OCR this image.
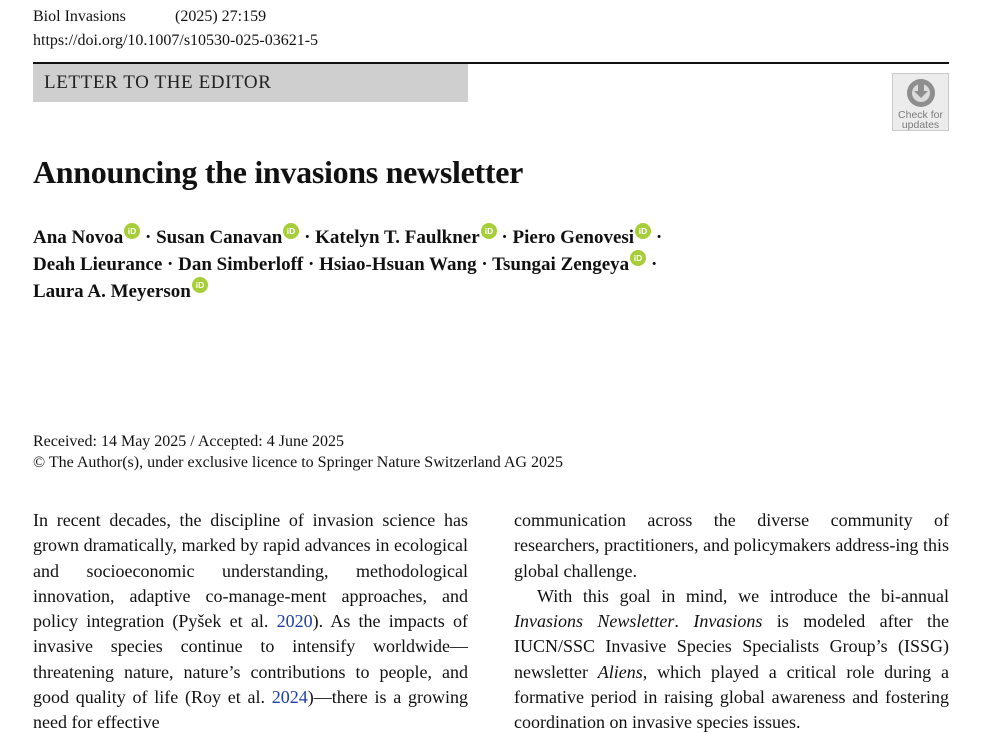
Biol Invasions	(2025) 27:159
https://doi.org/10.1007/s10530-025-03621-5
LETTER TO THE EDITOR
Check for
updates
Announcing the invasions newsletter
Ana Novoa iD · Susan Canavan iD · Katelyn T. Faulkner iD · Piero Genovesi iD ·
Deah Lieurance · Dan Simberloff · Hsiao-Hsuan Wang · Tsungai Zengeya iD ·
Laura A. Meyerson iD
Received: 14 May 2025 / Accepted: 4 June 2025
© The Author(s), under exclusive licence to Springer Nature Switzerland AG 2025

In recent decades, the discipline of invasion science has grown dramatically, marked by rapid advances in ecological and socioeconomic understanding, methodological innovation, adaptive co-manage-ment approaches, and policy integration (Pyšek et al. 2020). As the impacts of invasive species continue to intensify worldwide—threatening nature, nature’s contributions to people, and good quality of life (Roy et al. 2024)—there is a growing need for effective

communication across the diverse community of researchers, practitioners, and policymakers address-ing this global challenge.

With this goal in mind, we introduce the bi-annual Invasions Newsletter. Invasions is modeled after the IUCN/SSC Invasive Species Specialists Group’s (ISSG) newsletter Aliens, which played a critical role during a formative period in raising global awareness and fostering coordination on invasive species issues.
